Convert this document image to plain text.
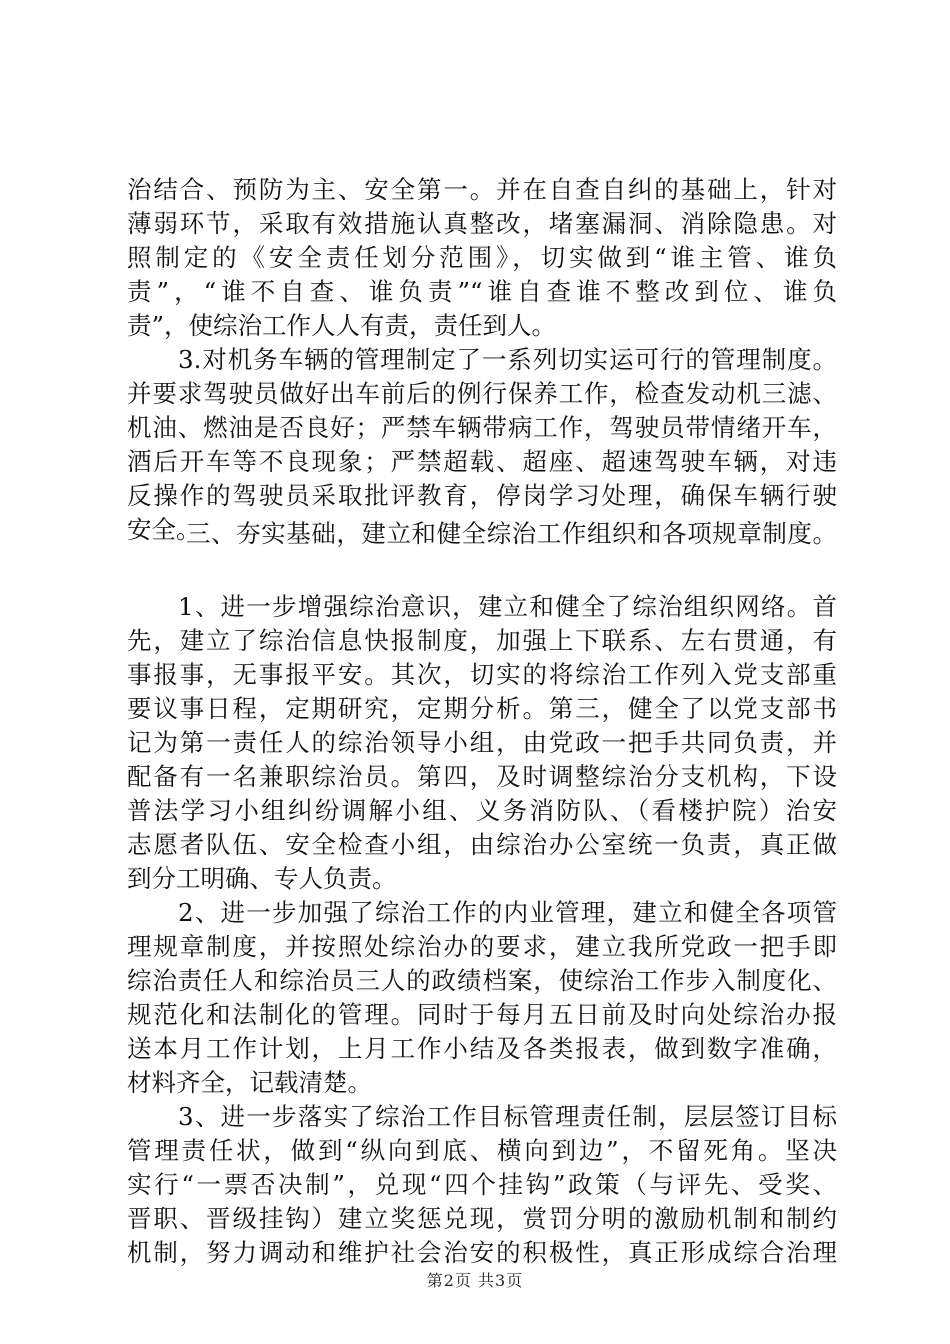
治结合、预防为主、安全第一。并在自查自纠的基础上，针对
薄弱环节，采取有效措施认真整改，堵塞漏洞、消除隐患。对
照制定的《安全责任划分范围》，切实做到“谁主管、谁负
责”，“谁不自查、谁负责”“谁自查谁不整改到位、谁负
责”，使综治工作人人有责，责任到人。
3.对机务车辆的管理制定了一系列切实运可行的管理制度。
并要求驾驶员做好出车前后的例行保养工作，检查发动机三滤、
机油、燃油是否良好；严禁车辆带病工作，驾驶员带情绪开车，
酒后开车等不良现象；严禁超载、超座、超速驾驶车辆，对违
反操作的驾驶员采取批评教育，停岗学习处理，确保车辆行驶
安全。
三、夯实基础，建立和健全综治工作组织和各项规章制度。
1、进一步增强综治意识，建立和健全了综治组织网络。首
先，建立了综治信息快报制度，加强上下联系、左右贯通，有
事报事，无事报平安。其次，切实的将综治工作列入党支部重
要议事日程，定期研究，定期分析。第三，健全了以党支部书
记为第一责任人的综治领导小组，由党政一把手共同负责，并
配备有一名兼职综治员。第四，及时调整综治分支机构，下设
普法学习小组纠纷调解小组、义务消防队、（看楼护院）治安
志愿者队伍、安全检查小组，由综治办公室统一负责，真正做
到分工明确、专人负责。
2、进一步加强了综治工作的内业管理，建立和健全各项管
理规章制度，并按照处综治办的要求，建立我所党政一把手即
综治责任人和综治员三人的政绩档案，使综治工作步入制度化、
规范化和法制化的管理。同时于每月五日前及时向处综治办报
送本月工作计划，上月工作小结及各类报表，做到数字准确，
材料齐全，记载清楚。
3、进一步落实了综治工作目标管理责任制，层层签订目标
管理责任状，做到“纵向到底、横向到边”，不留死角。坚决
实行“一票否决制”，兑现“四个挂钩”政策（与评先、受奖、
晋职、晋级挂钩）建立奖惩兑现，赏罚分明的激励机制和制约
机制，努力调动和维护社会治安的积极性，真正形成综合治理
第2页 共3页
